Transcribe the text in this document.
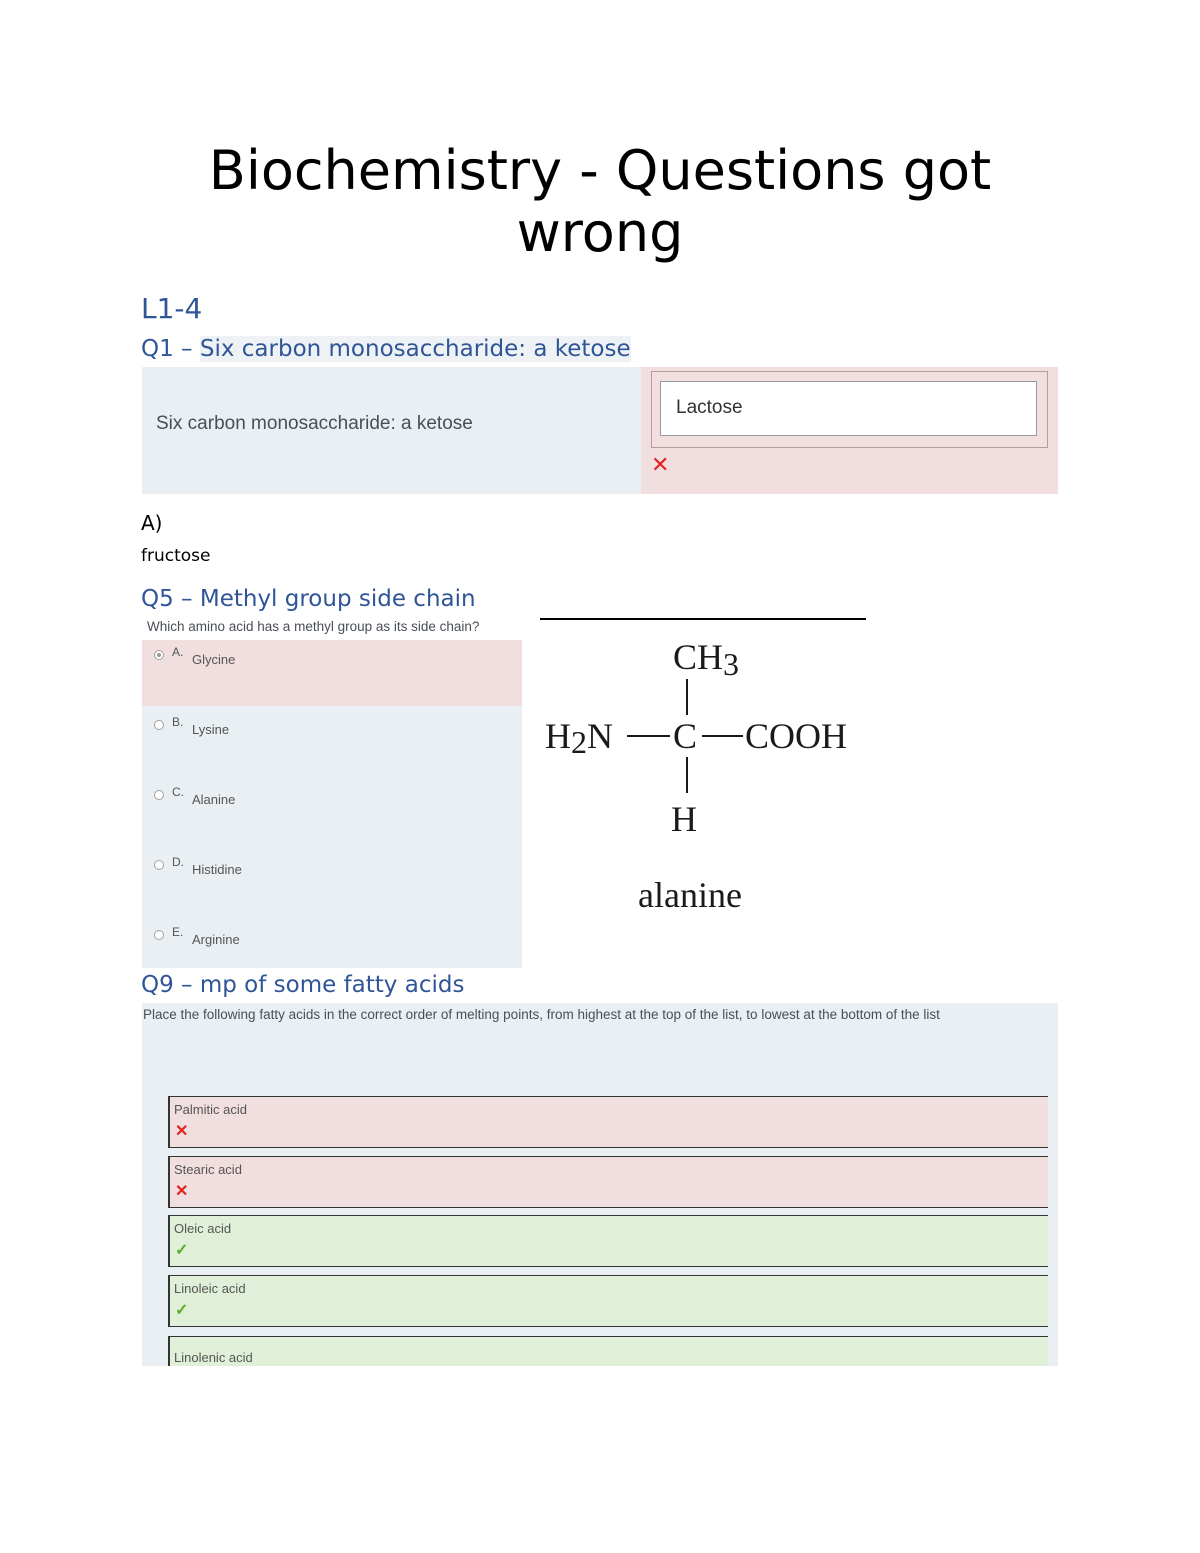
Biochemistry - Questions got wrong
L1-4
Q1 – Six carbon monosaccharide: a ketose
Six carbon monosaccharide: a ketose
Lactose
✕
A)
fructose
Q5 – Methyl group side chain
Which amino acid has a methyl group as its side chain?
A. Glycine
B. Lysine
C. Alanine
D. Histidine
E. Arginine
CH3
H2N C COOH
H
alanine
Q9 – mp of some fatty acids
Place the following fatty acids in the correct order of melting points, from highest at the top of the list, to lowest at the bottom of the list
Palmitic acid
✕
Stearic acid
✕
Oleic acid
✓
Linoleic acid
✓
Linolenic acid
